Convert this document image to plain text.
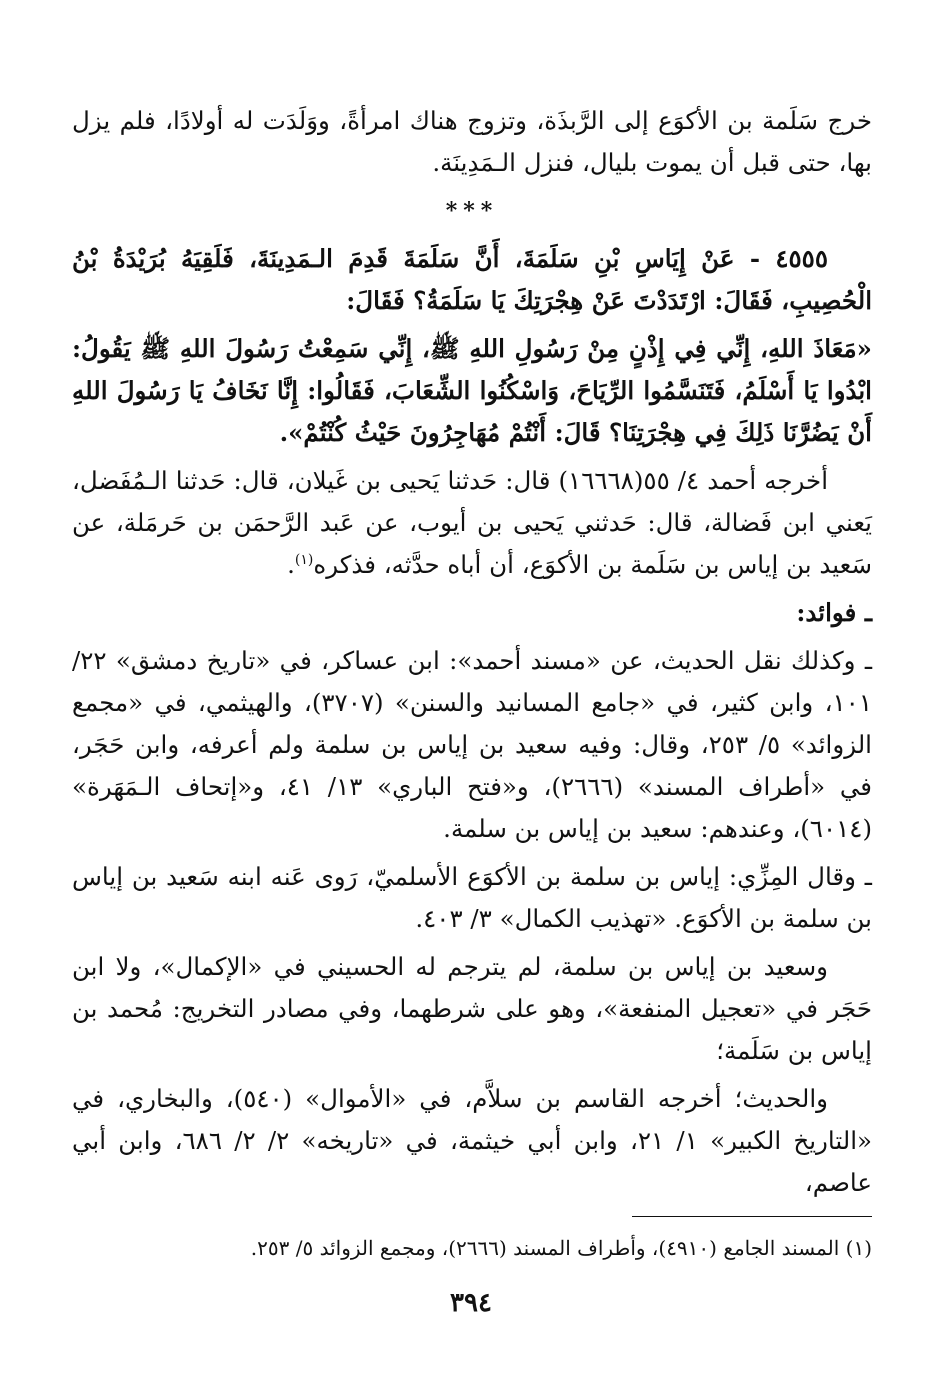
خرج سَلَمة بن الأكوَع إلى الرَّبذَة، وتزوج هناك امرأةً، ووَلَدَت له أولادًا، فلم يزل بها، حتى قبل أن يموت بليال، فنزل الـمَدِينَة.

***

٤٥٥٥ - عَنْ إِيَاسِ بْنِ سَلَمَةَ، أَنَّ سَلَمَةَ قَدِمَ الـمَدِينَةَ، فَلَقِيَهُ بُرَيْدَةُ بْنُ الْحُصِيبِ، فَقَالَ: ارْتَدَدْتَ عَنْ هِجْرَتِكَ يَا سَلَمَةُ؟ فَقَالَ:

«مَعَاذَ اللهِ، إِنِّي فِي إِذْنٍ مِنْ رَسُولِ اللهِ ﷺ، إِنِّي سَمِعْتُ رَسُولَ اللهِ ﷺ يَقُولُ: ابْدُوا يَا أَسْلَمُ، فَتَنَسَّمُوا الرِّيَاحَ، وَاسْكُنُوا الشِّعَابَ، فَقَالُوا: إِنَّا نَخَافُ يَا رَسُولَ اللهِ أَنْ يَضُرَّنَا ذَلِكَ فِي هِجْرَتِنَا؟ قَالَ: أَنْتُمْ مُهَاجِرُونَ حَيْثُ كُنْتُمْ».

أخرجه أحمد ٤/ ٥٥(١٦٦٦٨) قال: حَدثنا يَحيى بن غَيلان، قال: حَدثنا الـمُفَضل، يَعني ابن فَضالة، قال: حَدثني يَحيى بن أيوب، عن عَبد الرَّحمَن بن حَرمَلة، عن سَعيد بن إياس بن سَلَمة بن الأكوَع، أن أباه حدَّثه، فذكره$^{(١)}$.

ـ فوائد:

ـ وكذلك نقل الحديث، عن «مسند أحمد»: ابن عساكر، في «تاريخ دمشق» ٢٢/ ١٠١، وابن كثير، في «جامع المسانيد والسنن» (٣٧٠٧)، والهيثمي، في «مجمع الزوائد» ٥/ ٢٥٣، وقال: وفيه سعيد بن إياس بن سلمة ولم أعرفه، وابن حَجَر، في «أطراف المسند» (٢٦٦٦)، و«فتح الباري» ١٣/ ٤١، و«إتحاف الـمَهَرة» (٦٠١٤)، وعندهم: سعيد بن إياس بن سلمة.

ـ وقال المِزِّي: إياس بن سلمة بن الأكوَع الأسلميّ، رَوى عَنه ابنه سَعيد بن إياس بن سلمة بن الأكوَع. «تهذيب الكمال» ٣/ ٤٠٣.

وسعيد بن إياس بن سلمة، لم يترجم له الحسيني في «الإكمال»، ولا ابن حَجَر في «تعجيل المنفعة»، وهو على شرطهما، وفي مصادر التخريج: مُحمد بن إياس بن سَلَمة؛

والحديث؛ أخرجه القاسم بن سلاَّم، في «الأموال» (٥٤٠)، والبخاري، في «التاريخ الكبير» ١/ ٢١، وابن أبي خيثمة، في «تاريخه» ٢/ ٢/ ٦٨٦، وابن أبي عاصم،

(١) المسند الجامع (٤٩١٠)، وأطراف المسند (٢٦٦٦)، ومجمع الزوائد ٥/ ٢٥٣.

٣٩٤
